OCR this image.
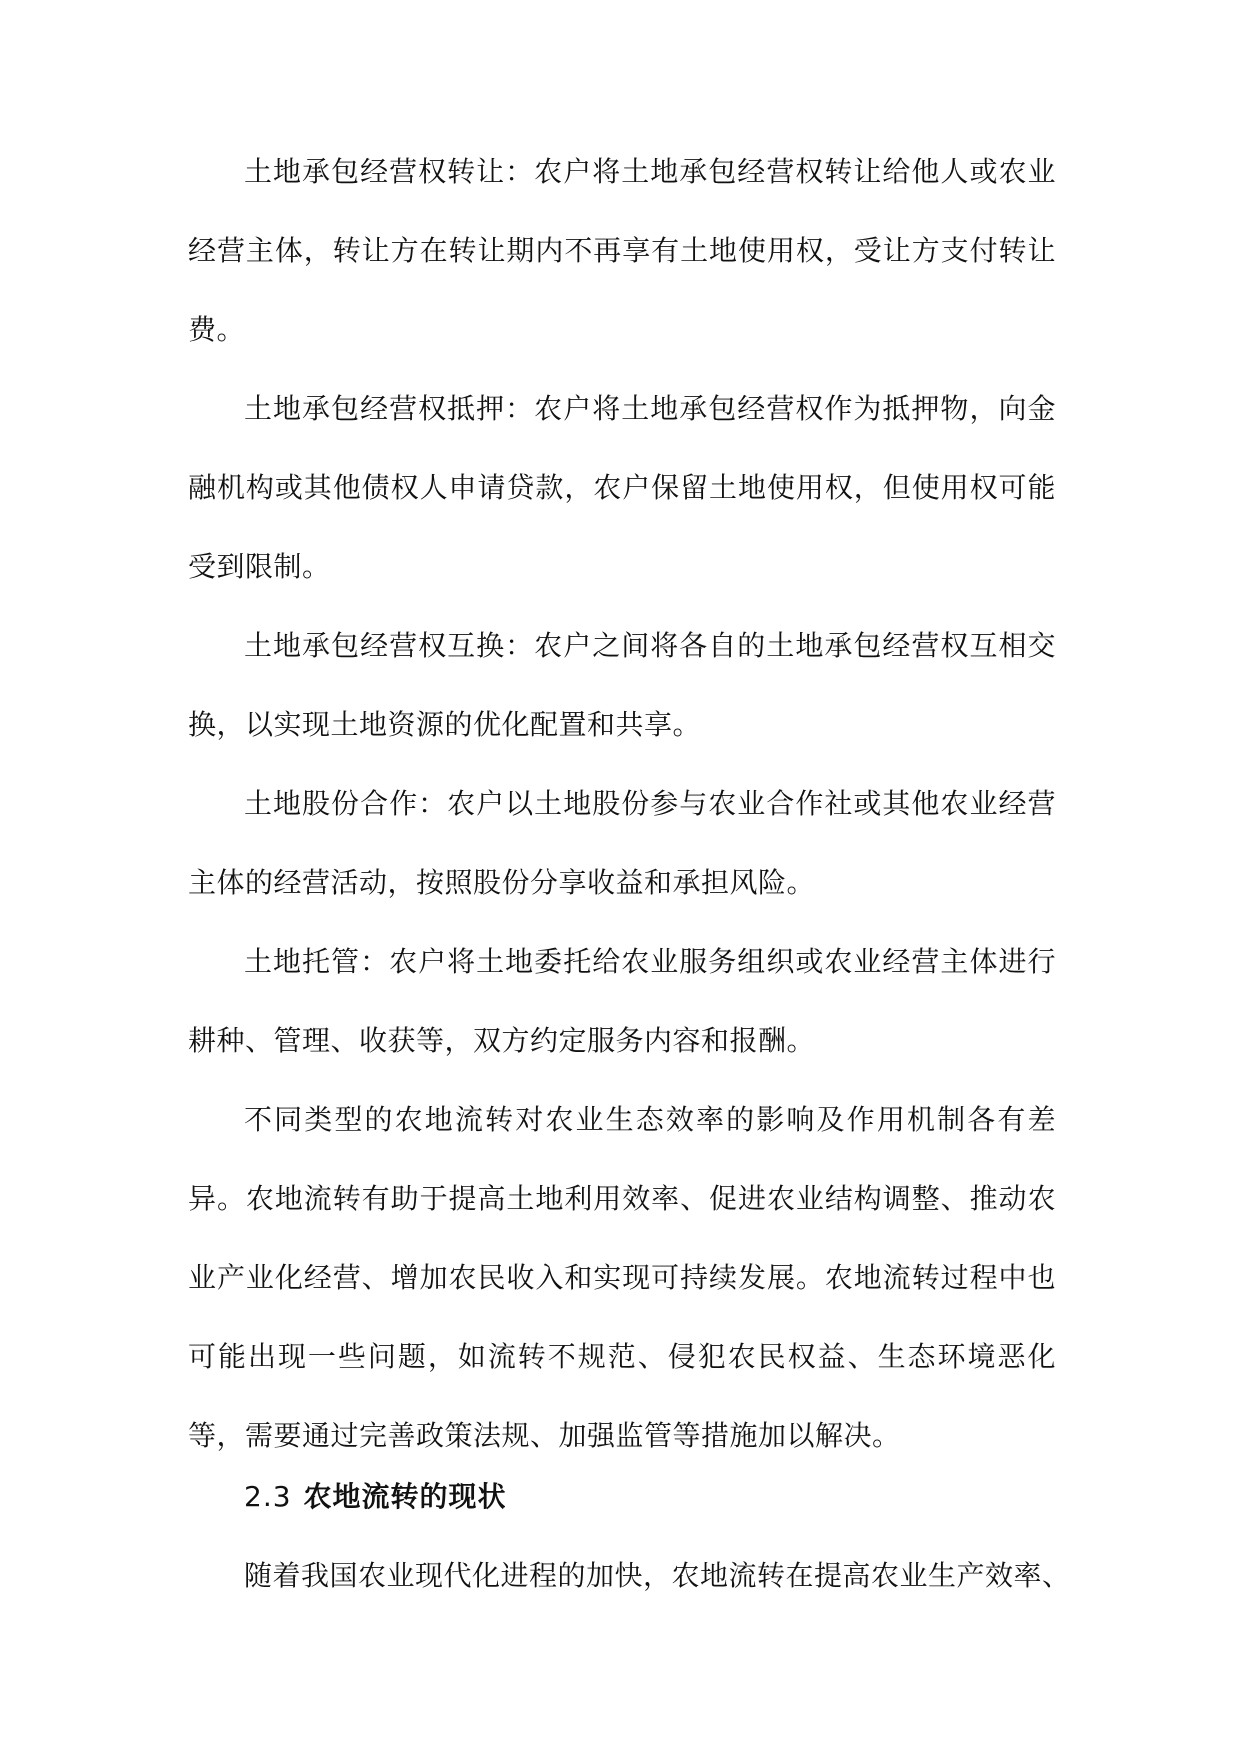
土地承包经营权转让：农户将土地承包经营权转让给他人或农业经营主体，转让方在转让期内不再享有土地使用权，受让方支付转让费。

土地承包经营权抵押：农户将土地承包经营权作为抵押物，向金融机构或其他债权人申请贷款，农户保留土地使用权，但使用权可能受到限制。

土地承包经营权互换：农户之间将各自的土地承包经营权互相交换，以实现土地资源的优化配置和共享。

土地股份合作：农户以土地股份参与农业合作社或其他农业经营主体的经营活动，按照股份分享收益和承担风险。

土地托管：农户将土地委托给农业服务组织或农业经营主体进行耕种、管理、收获等，双方约定服务内容和报酬。

不同类型的农地流转对农业生态效率的影响及作用机制各有差异。农地流转有助于提高土地利用效率、促进农业结构调整、推动农业产业化经营、增加农民收入和实现可持续发展。农地流转过程中也可能出现一些问题，如流转不规范、侵犯农民权益、生态环境恶化等，需要通过完善政策法规、加强监管等措施加以解决。

2.3 农地流转的现状

随着我国农业现代化进程的加快，农地流转在提高农业生产效率、
